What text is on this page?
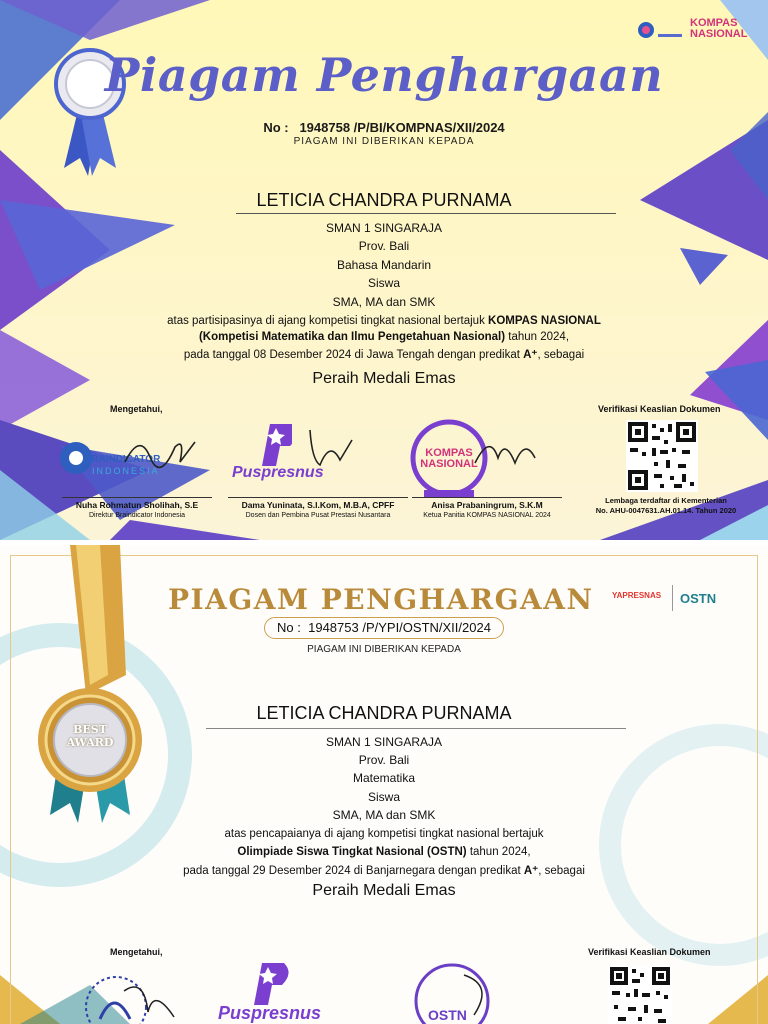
KOMPAS NASIONAL
Piagam Penghargaan
No : 1948758 /P/BI/KOMPNAS/XII/2024
PIAGAM INI DIBERIKAN KEPADA
LETICIA CHANDRA PURNAMA
SMAN 1 SINGARAJA
Prov. Bali
Bahasa Mandarin
Siswa
SMA, MA dan SMK
atas partisipasinya di ajang kompetisi tingkat nasional bertajuk KOMPAS NASIONAL
(Kompetisi Matematika dan Ilmu Pengetahuan Nasional) tahun 2024,
pada tanggal 08 Desember 2024 di Jawa Tengah dengan predikat A⁺, sebagai
Peraih Medali Emas
Mengetahui,	Verifikasi Keaslian Dokumen
BRAINDICATOR
INDONESIA	Puspresnus
KOMPAS NASIONAL
Nuha Rohmatun Sholihah, S.E
Direktur Braindicator Indonesia
Dama Yuninata, S.I.Kom, M.B.A, CPFF
Dosen dan Pembina Pusat Prestasi Nusantara
Anisa Prabaningrum, S.K.M
Ketua Panitia KOMPAS NASIONAL 2024
Lembaga terdaftar di Kementerian
No. AHU-0047631.AH.01.14. Tahun 2020
BEST
AWARD
PIAGAM PENGHARGAAN YAPRESNAS OSTN
No : 1948753 /P/YPI/OSTN/XII/2024
PIAGAM INI DIBERIKAN KEPADA
LETICIA CHANDRA PURNAMA
SMAN 1 SINGARAJA
Prov. Bali
Matematika
Siswa
SMA, MA dan SMK
atas pencapaianya di ajang kompetisi tingkat nasional bertajuk
Olimpiade Siswa Tingkat Nasional (OSTN) tahun 2024,
pada tanggal 29 Desember 2024 di Banjarnegara dengan predikat A⁺, sebagai
Peraih Medali Emas
Mengetahui,	Verifikasi Keaslian Dokumen
Puspresnus	OSTN
